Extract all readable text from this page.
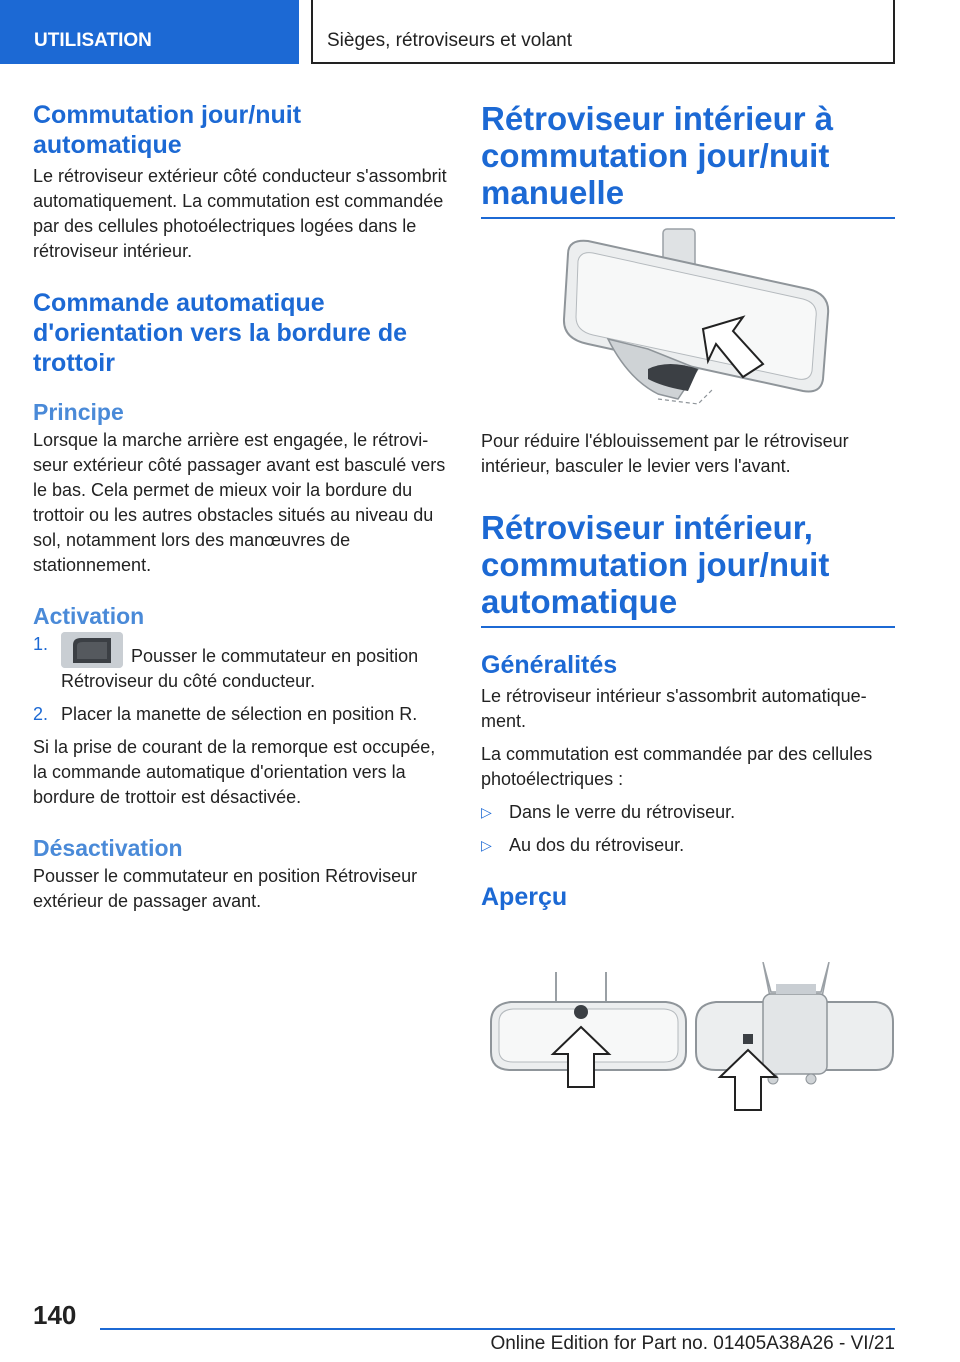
UTILISATION	Sièges, rétroviseurs et volant
Commutation jour/nuit automatique

Le rétroviseur extérieur côté conducteur s'assombrit automatiquement. La commutation est commandée par des cellules photoélectriques logées dans le rétroviseur intérieur.

Commande automatique d'orientation vers la bordure de trottoir
Principe

Lorsque la marche arrière est engagée, le rétroviseur extérieur côté passager avant est basculé vers le bas. Cela permet de mieux voir la bordure du trottoir ou les autres obstacles situés au niveau du sol, notamment lors des manœuvres de stationnement.

Activation
1.
Pousser le commutateur en position Rétroviseur du côté conducteur.
2. Placer la manette de sélection en position R.

Si la prise de courant de la remorque est occupée, la commande automatique d'orientation vers la bordure de trottoir est désactivée.

Désactivation

Pousser le commutateur en position Rétroviseur extérieur de passager avant.

Rétroviseur intérieur à commutation jour/nuit manuelle

Pour réduire l'éblouissement par le rétroviseur intérieur, basculer le levier vers l'avant.

Rétroviseur intérieur, commutation jour/nuit automatique
Généralités

Le rétroviseur intérieur s'assombrit automatiquement.

La commutation est commandée par des cellules photoélectriques :

▷ Dans le verre du rétroviseur.
▷ Au dos du rétroviseur.
Aperçu
140
Online Edition for Part no. 01405A38A26 - VI/21
